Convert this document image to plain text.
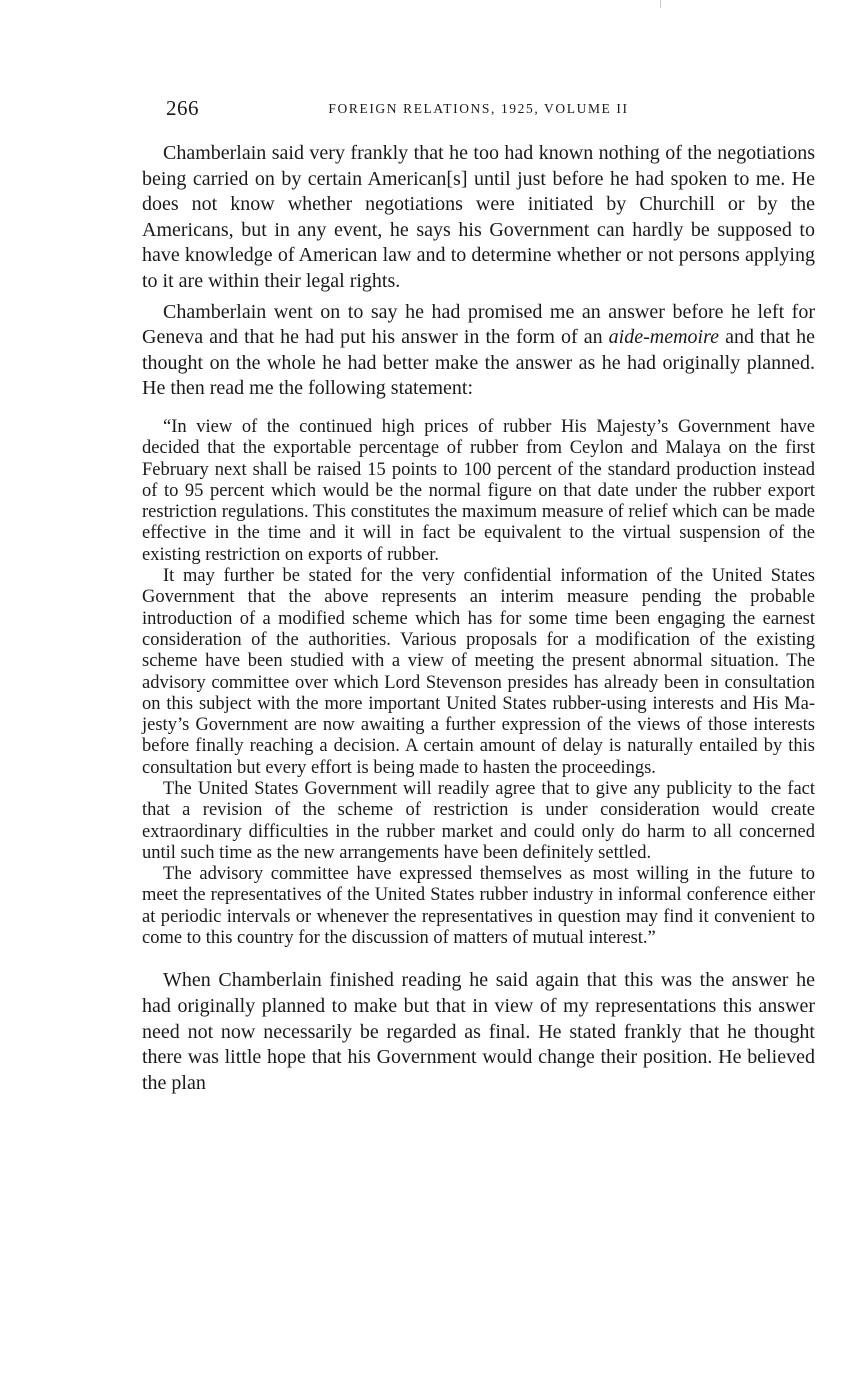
266	FOREIGN RELATIONS, 1925, VOLUME II

Chamberlain said very frankly that he too had known nothing of the negotiations being carried on by certain American[s] until just before he had spoken to me. He does not know whether negotiations were initiated by Churchill or by the Americans, but in any event, he says his Government can hardly be supposed to have knowledge of American law and to determine whether or not persons applying to it are within their legal rights.

Chamberlain went on to say he had promised me an answer before he left for Geneva and that he had put his answer in the form of an aide-memoire and that he thought on the whole he had better make the answer as he had originally planned. He then read me the following statement:

“In view of the continued high prices of rubber His Majesty’s Government have decided that the exportable percentage of rubber from Ceylon and Malaya on the first February next shall be raised 15 points to 100 percent of the standard production instead of to 95 percent which would be the normal figure on that date under the rubber export restriction regulations. This constitutes the maximum measure of relief which can be made effective in the time and it will in fact be equivalent to the virtual suspension of the existing restriction on exports of rubber.

It may further be stated for the very confidential information of the United States Government that the above represents an interim measure pending the probable introduction of a modified scheme which has for some time been engaging the earnest consideration of the authorities. Various proposals for a modification of the existing scheme have been studied with a view of meeting the present abnormal situation. The advisory committee over which Lord Stevenson presides has already been in consultation on this subject with the more important United States rubber-using interests and His Majesty’s Government are now awaiting a further expression of the views of those interests before finally reaching a decision. A certain amount of delay is naturally entailed by this consultation but every effort is being made to hasten the proceedings.

The United States Government will readily agree that to give any publicity to the fact that a revision of the scheme of restriction is under consideration would create extraordinary difficulties in the rubber market and could only do harm to all concerned until such time as the new arrangements have been definitely settled.

The advisory committee have expressed themselves as most willing in the future to meet the representatives of the United States rubber industry in informal conference either at periodic intervals or whenever the representatives in question may find it convenient to come to this country for the discussion of matters of mutual interest.”

When Chamberlain finished reading he said again that this was the answer he had originally planned to make but that in view of my representations this answer need not now necessarily be regarded as final. He stated frankly that he thought there was little hope that his Government would change their position. He believed the plan
